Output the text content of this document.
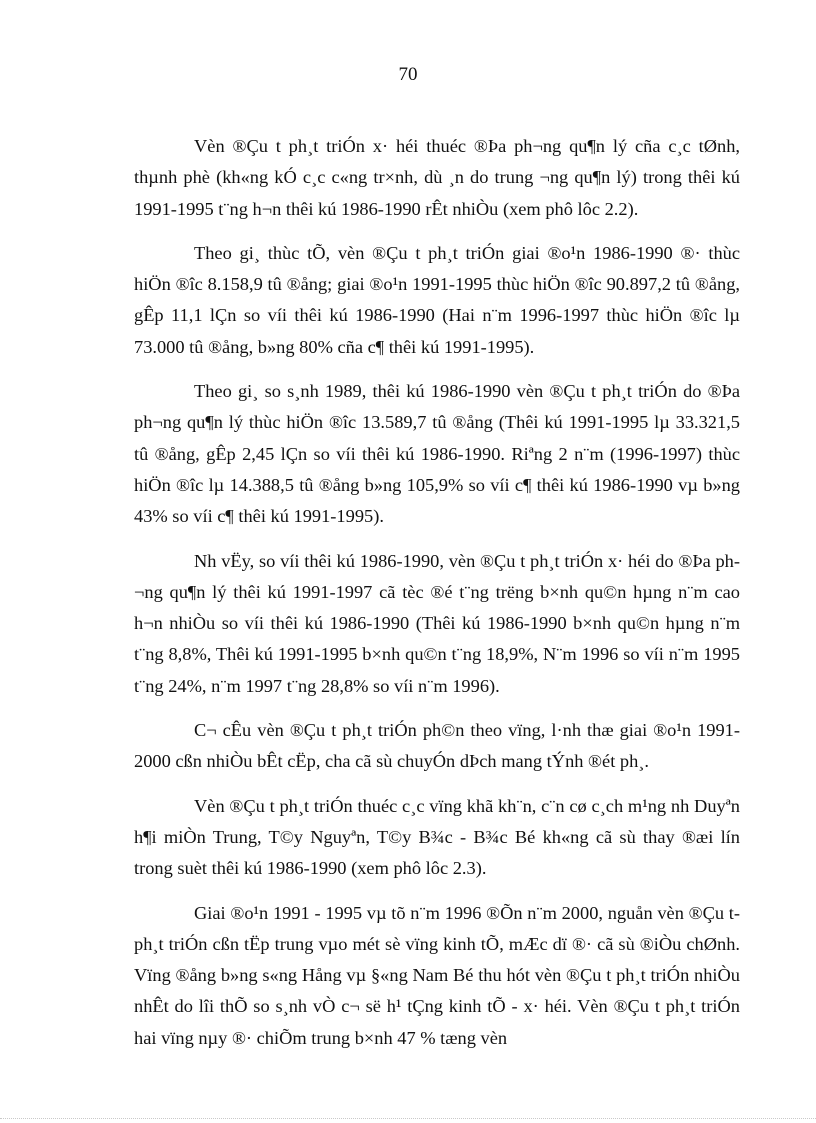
70

Vèn ®Çu t ph¸t triÓn x· héi thuéc ®Þa ph¬ng qu¶n lý cña c¸c tØnh, thµnh phè (kh«ng kÓ c¸c c«ng tr×nh, dù ¸n do trung ¬ng qu¶n lý) trong thêi kú 1991-1995 t¨ng h¬n thêi kú 1986-1990 rÊt nhiÒu (xem phô lôc 2.2).

Theo gi¸ thùc tÕ, vèn ®Çu t ph¸t triÓn giai ®o¹n 1986-1990 ®· thùc hiÖn ®îc 8.158,9 tû ®ång; giai ®o¹n 1991-1995 thùc hiÖn ®îc 90.897,2 tû ®ång, gÊp 11,1 lÇn so víi thêi kú 1986-1990 (Hai n¨m 1996-1997 thùc hiÖn ®îc lµ 73.000 tû ®ång, b»ng 80% cña c¶ thêi kú 1991-1995).

Theo gi¸ so s¸nh 1989, thêi kú 1986-1990 vèn ®Çu t ph¸t triÓn do ®Þa ph¬ng qu¶n lý thùc hiÖn ®îc 13.589,7 tû ®ång (Thêi kú 1991-1995 lµ 33.321,5 tû ®ång, gÊp 2,45 lÇn so víi thêi kú 1986-1990. Riªng 2 n¨m (1996-1997) thùc hiÖn ®îc lµ 14.388,5 tû ®ång b»ng 105,9% so víi c¶ thêi kú 1986-1990 vµ b»ng 43% so víi c¶ thêi kú 1991-1995).

Nh vËy, so víi thêi kú 1986-1990, vèn ®Çu t ph¸t triÓn x· héi do ®Þa ph¬ng qu¶n lý thêi kú 1991-1997 cã tèc ®é t¨ng trëng b×nh qu©n hµng n¨m cao h¬n nhiÒu so víi thêi kú 1986-1990 (Thêi kú 1986-1990 b×nh qu©n hµng n¨m t¨ng 8,8%, Thêi kú 1991-1995 b×nh qu©n t¨ng 18,9%, N¨m 1996 so víi n¨m 1995 t¨ng 24%, n¨m 1997 t¨ng 28,8% so víi n¨m 1996).

C¬ cÊu vèn ®Çu t ph¸t triÓn ph©n theo vïng, l·nh thæ giai ®o¹n 1991-2000 cßn nhiÒu bÊt cËp, cha cã sù chuyÓn dÞch mang tÝnh ®ét ph¸.

Vèn ®Çu t ph¸t triÓn thuéc c¸c vïng khã kh¨n, c¨n cø c¸ch m¹ng nh Duyªn h¶i miÒn Trung, T©y Nguyªn, T©y B¾c - B¾c Bé kh«ng cã sù thay ®æi lín trong suèt thêi kú 1986-1990 (xem phô lôc 2.3).

Giai ®o¹n 1991 - 1995 vµ tõ n¨m 1996 ®Õn n¨m 2000, nguån vèn ®Çu t ph¸t triÓn cßn tËp trung vµo mét sè vïng kinh tÕ, mÆc dï ®· cã sù ®iÒu chØnh. Vïng ®ång b»ng s«ng Hång vµ §«ng Nam Bé thu hót vèn ®Çu t ph¸t triÓn nhiÒu nhÊt do lîi thÕ so s¸nh vÒ c¬ së h¹ tÇng kinh tÕ - x· héi. Vèn ®Çu t ph¸t triÓn hai vïng nµy ®· chiÕm trung b×nh 47 % tæng vèn
